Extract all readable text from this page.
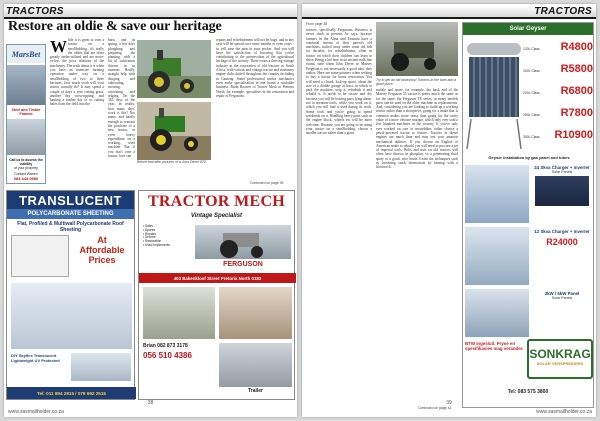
TRACTORS
Restore an oldie & save our heritage
W hile it is great to own a tractor on a smallholding, it's really the oldies that are often greatly under-utilised and are more-or-less the poor relations of the machinery. The truth about it is when you have an intensive farming operation under way on a smallholding of two to three hectares, how much work will your tractor actually do? It may spend a couple of days a year cutting grass, another day cross-ripping, and hauling a further day or so cutting bales from the field into the
barn, and in spring, a few days ploughing and preparing the planting, with a bit of cultivation thrown in in summer. Really, straight help with slinging and cultivating, mowing, rotovating, and ridging. On the 365 days of the year, in reality, how many days' work is this? Not many, and hardly enough to warrant the purchase of a new tractor, or even heavy expenditure on a working, used machine. But if you don't own a tractor, how can
Before and after pictures of a John Deere 820.
repairs and refurbishment will not be huge, and in any case will be spread over some months or even years - so will ease the pain in your pocket. And you will have the satisfaction of knowing that you're contributing to the preservation of the agricultural heritage of the country. There exists a thriving vintage industry in the restoration of old tractors in South Africa, with various and vintage tractor and stationary engine clubs dotted throughout the country including in Gauteng. Some professional tractor mechanics even make specialisation in one brand a workable business. Brian Bouwer of Tractor Mech in Pretoria North, for example, specialises in the restoration and repair of Fergusons.
Continued on page 39
MarsBet
Steel and Timber Framed
Call us to assess the viability
of your property
Contact Warren
083 443 0980
TRANSLUCENT
POLYCARBONATE SHEETING
Flat, Profiled & Multiwall Polycarbonate Roof Sheeting
At
Affordable
Prices
DIY Skyflex Translucent Lightweight UV Protected
Tel: 011 894 2815 / 079 692 2515
TRACTOR MECH
Vintage Specialist
• Sales
• Spares
• Repairs
• Service
• Restoration
• Used Implements
FERGUSON
403 Bakenkloof Street Pretoria North 0182
Brian 082 873 3178
056 510 4386
Trailer
38
www.sasmallholder.co.za
TRACTORS
From page 38
tractors, specifically Fergusons. Business is never slack at present, he says, because farmers in the Alma and Erasmia have a continual stream of their parent's old machines, tucked away under some old lids for decades, for refurbishment, often as tractor on which their children can learn to drive. Being a kid here in an ancient milk line round, time when John Deere or Massey Ferguson is not necessarily a good idea, they realise. Here are some pointers when seeking to buy a tractor for home restoration. You will need a closed, lock-up space, about the size of a double garage at least, in which to park the machine, strip it, refurbish it and rebuild it. It needs to be secure and dry because you will be leaving parts lying about, not to mention tools, while you work on it, which you will find is used during its work. Some tools and you're going to spend weekends on it. Handling heavy parts such as the engine block, wheels etc will be more welcome. Because you are going to be using your tractor on a smallholding, choose a smaller tractor rather than a giant.
Try to get an old workshop! Tractors in the barn and a good place.
mobile and spare, for example, the back end of the Massey Ferguson 35 tractor is pretty much the same as for the same, the Ferguson TE series, so many models parts can be used on the older machine as replacements. And, considering you are looking to build up a working tractor rather than a showpiece, going for a make that is common makes more sense than going for the rarity value of a more obscure marque, which only ever sold a few hundred machines in the country. If you've only ever worked on cars or motorbikes, either choose a petrol-powered tractor to restore. Tractors in diesel engines are much finer and may test your amateur mechanical abilities. If you choose an English or American make to rebuild you will need to procure a set of imperial tools. Bolts and nuts on old tractors will often have thrown in phosphor, so a penetrating fluid spray or a good, wire brush. Learn the techniques such as loosening stuck thermostats by heating with a blowtorch.
Continued on page 41
Solar Geyser
120L Class R4800
150L Class R5800
200L Class R6800
250L Class R7800
300L Class R10900
Geyser installation by gas panel and tubes
24 Skva Charger + Inverter
Solar Panels
12 Skva Charger + Inverter
R24000
3kW / 5kW Panel
Solar Panels
BTW ingesluit. Pryse en spesifikasies mag verander. SONKRAG
SOLAR VERSPREIDERS
Tel: 083 575 3800
39
www.sasmallholder.co.za
